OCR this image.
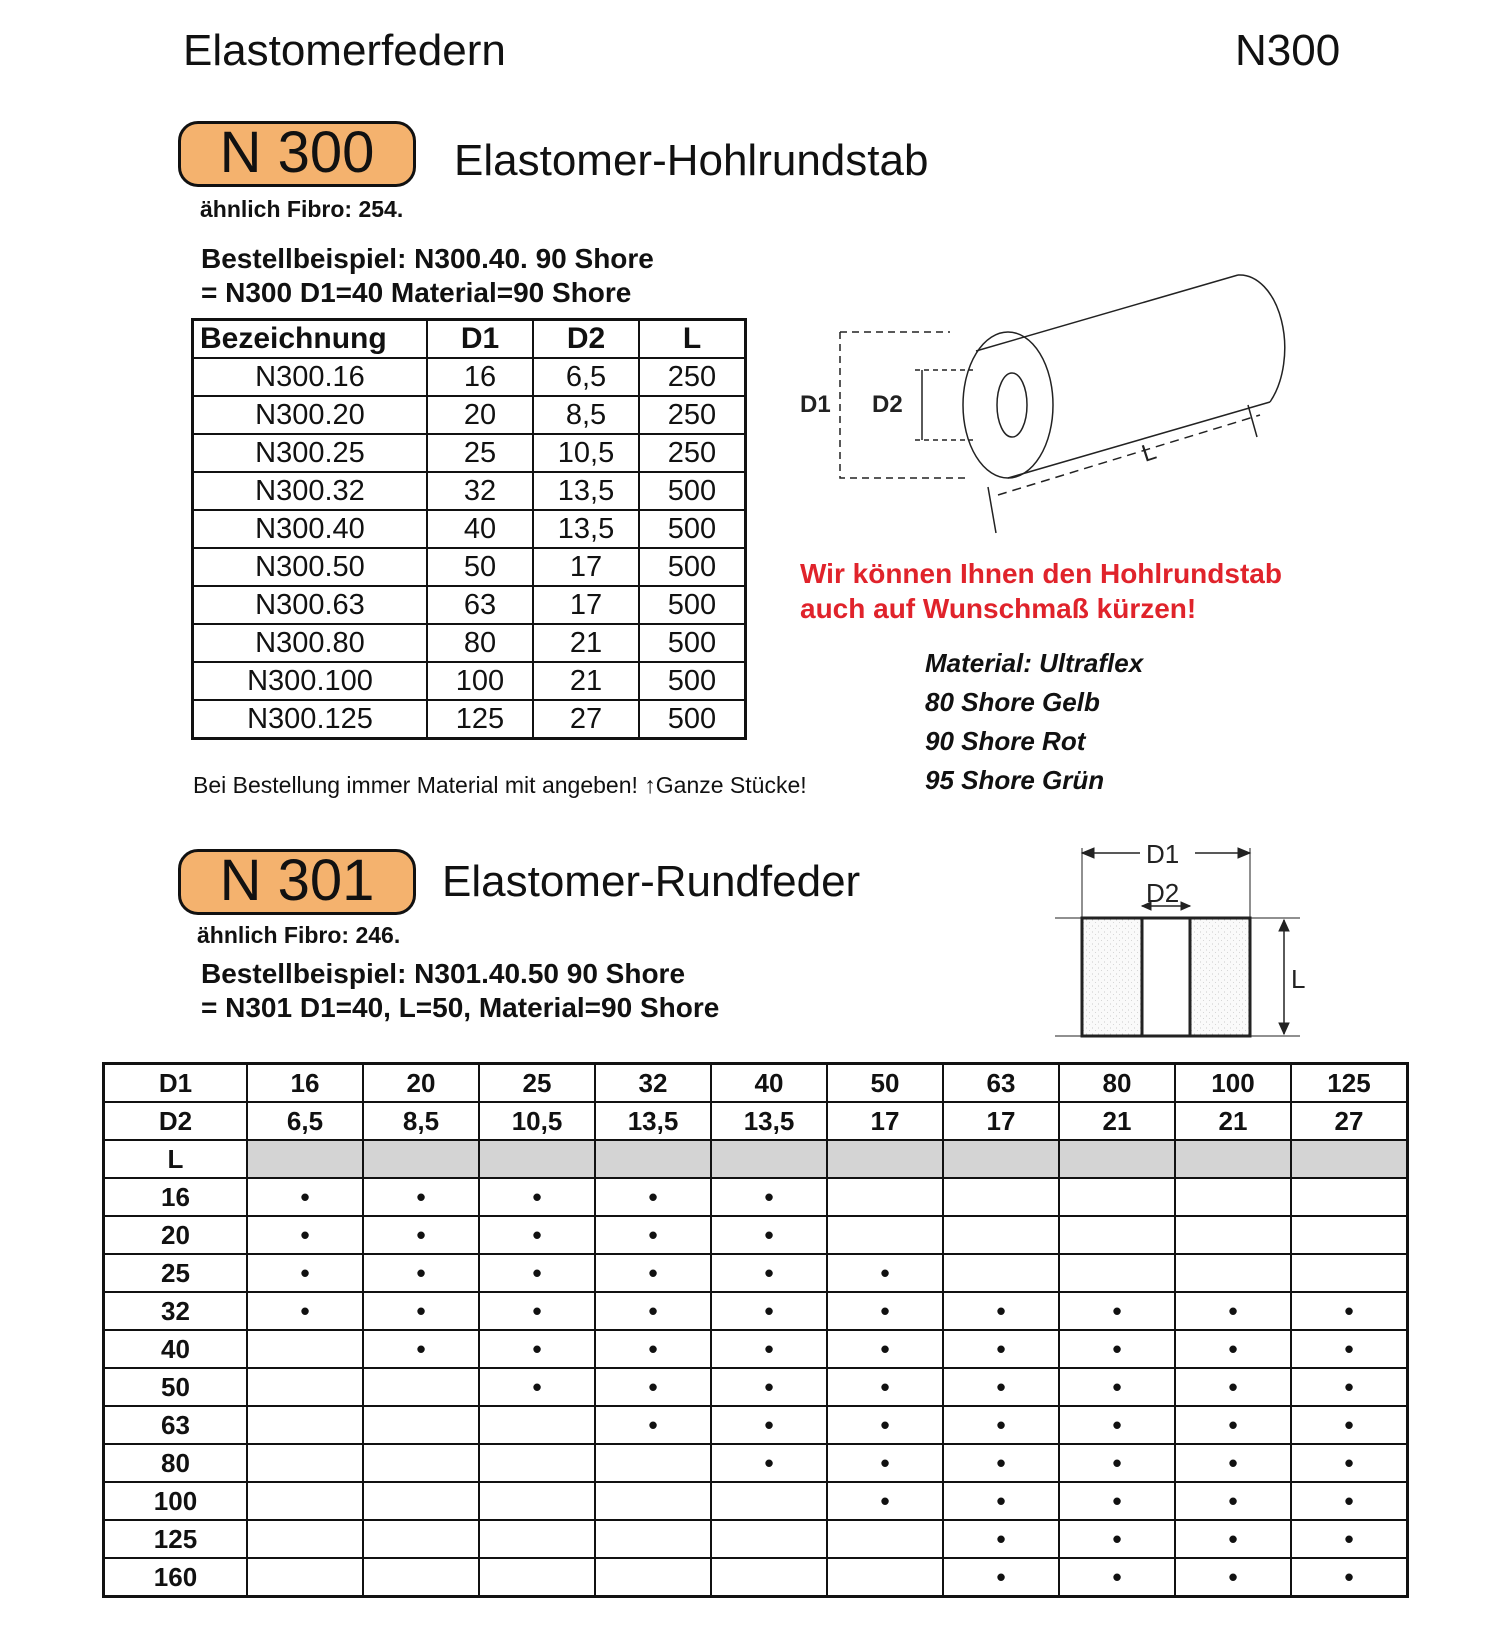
Elastomerfedern	N300
N 300	Elastomer-Hohlrundstab
ähnlich Fibro: 254.
Bestellbeispiel: N300.40. 90 Shore
= N300 D1=40 Material=90 Shore
Bezeichnung	D1	D2	L
N300.16	16	6,5	250
N300.20	20	8,5	250
N300.25	25	10,5	250
N300.32	32	13,5	500
N300.40	40	13,5	500
N300.50	50	17	500
N300.63	63	17	500
N300.80	80	21	500
N300.100	100	21	500
N300.125	125	27	500
Bei Bestellung immer Material mit angeben! ↑Ganze Stücke!
D1 D2
L
Wir können Ihnen den Hohlrundstab
auch auf Wunschmaß kürzen!
Material: Ultraflex
80 Shore Gelb
90 Shore Rot
95 Shore Grün
N 301	Elastomer-Rundfeder
ähnlich Fibro: 246.
Bestellbeispiel: N301.40.50 90 Shore
= N301 D1=40, L=50, Material=90 Shore
D1
D2
L
D1	16	20	25	32	40	50	63	80	100	125
D2	6,5	8,5	10,5	13,5	13,5	17	17	21	21	27
L										
16	•	•	•	•	•					
20	•	•	•	•	•					
25	•	•	•	•	•	•				
32	•	•	•	•	•	•	•	•	•	•
40		•	•	•	•	•	•	•	•	•
50			•	•	•	•	•	•	•	•
63				•	•	•	•	•	•	•
80					•	•	•	•	•	•
100						•	•	•	•	•
125							•	•	•	•
160							•	•	•	•
